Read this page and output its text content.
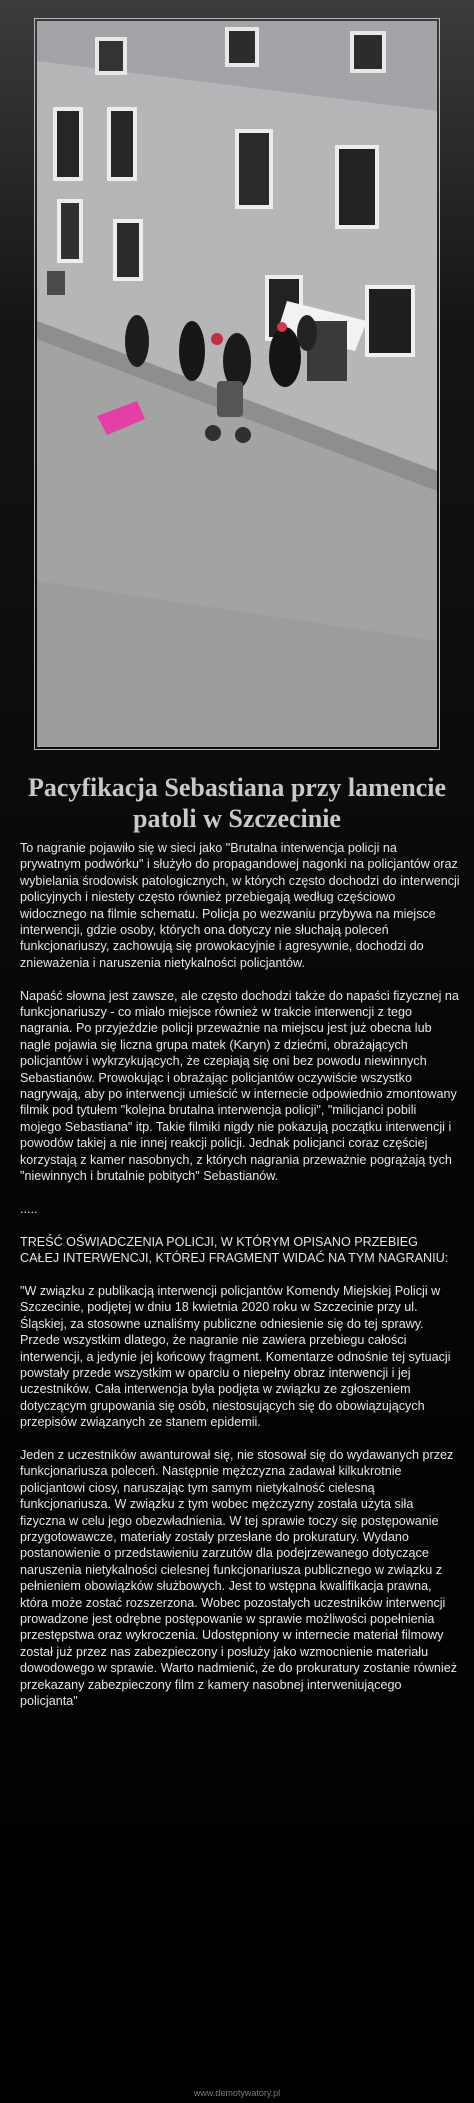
Pacyfikacja Sebastiana przy lamencie patoli w Szczecinie

To nagranie pojawiło się w sieci jako "Brutalna interwencja policji na prywatnym podwórku" i służyło do propagandowej nagonki na policjantów oraz wybielania środowisk patologicznych, w których często dochodzi do interwencji policyjnych i niestety często również przebiegają według częściowo widocznego na filmie schematu. Policja po wezwaniu przybywa na miejsce interwencji, gdzie osoby, których ona dotyczy nie słuchają poleceń funkcjonariuszy, zachowują się prowokacyjnie i agresywnie, dochodzi do znieważenia i naruszenia nietykalności policjantów.

Napaść słowna jest zawsze, ale często dochodzi także do napaści fizycznej na funkcjonariuszy - co miało miejsce również w trakcie interwencji z tego nagrania. Po przyjeździe policji przeważnie na miejscu jest już obecna lub nagle pojawia się liczna grupa matek (Karyn) z dziećmi, obrażających policjantów i wykrzykujących, że czepiają się oni bez powodu niewinnych Sebastianów. Prowokując i obrażając policjantów oczywiście wszystko nagrywają, aby po interwencji umieścić w internecie odpowiednio zmontowany filmik pod tytułem "kolejna brutalna interwencja policji", "milicjanci pobili mojego Sebastiana" itp. Takie filmiki nigdy nie pokazują początku interwencji i powodów takiej a nie innej reakcji policji. Jednak policjanci coraz częściej korzystają z kamer nasobnych, z których nagrania przeważnie pogrążają tych "niewinnych i brutalnie pobitych" Sebastianów.

.....

TREŚĆ OŚWIADCZENIA POLICJI, W KTÓRYM OPISANO PRZEBIEG CAŁEJ INTERWENCJI, KTÓREJ FRAGMENT WIDAĆ NA TYM NAGRANIU:

"W związku z publikacją interwencji policjantów Komendy Miejskiej Policji w Szczecinie, podjętej w dniu 18 kwietnia 2020 roku w Szczecinie przy ul. Śląskiej, za stosowne uznaliśmy publiczne odniesienie się do tej sprawy. Przede wszystkim dlatego, że nagranie nie zawiera przebiegu całości interwencji, a jedynie jej końcowy fragment. Komentarze odnośnie tej sytuacji powstały przede wszystkim w oparciu o niepełny obraz interwencji i jej uczestników. Cała interwencja była podjęta w związku ze zgłoszeniem dotyczącym grupowania się osób, niestosujących się do obowiązujących przepisów związanych ze stanem epidemii.

Jeden z uczestników awanturował się, nie stosował się do wydawanych przez funkcjonariusza poleceń. Następnie mężczyzna zadawał kilkukrotnie policjantowi ciosy, naruszając tym samym nietykalność cielesną funkcjonariusza. W związku z tym wobec mężczyzny została użyta siła fizyczna w celu jego obezwładnienia. W tej sprawie toczy się postępowanie przygotowawcze, materiały zostały przesłane do prokuratury. Wydano postanowienie o przedstawieniu zarzutów dla podejrzewanego dotyczące naruszenia nietykalności cielesnej funkcjonariusza publicznego w związku z pełnieniem obowiązków służbowych. Jest to wstępna kwalifikacja prawna, która może zostać rozszerzona. Wobec pozostałych uczestników interwencji prowadzone jest odrębne postępowanie w sprawie możliwości popełnienia przestępstwa oraz wykroczenia. Udostępniony w internecie materiał filmowy został już przez nas zabezpieczony i posłuży jako wzmocnienie materiału dowodowego w sprawie. Warto nadmienić, że do prokuratury zostanie również przekazany zabezpieczony film z kamery nasobnej interweniującego policjanta"

www.demotywatory.pl
